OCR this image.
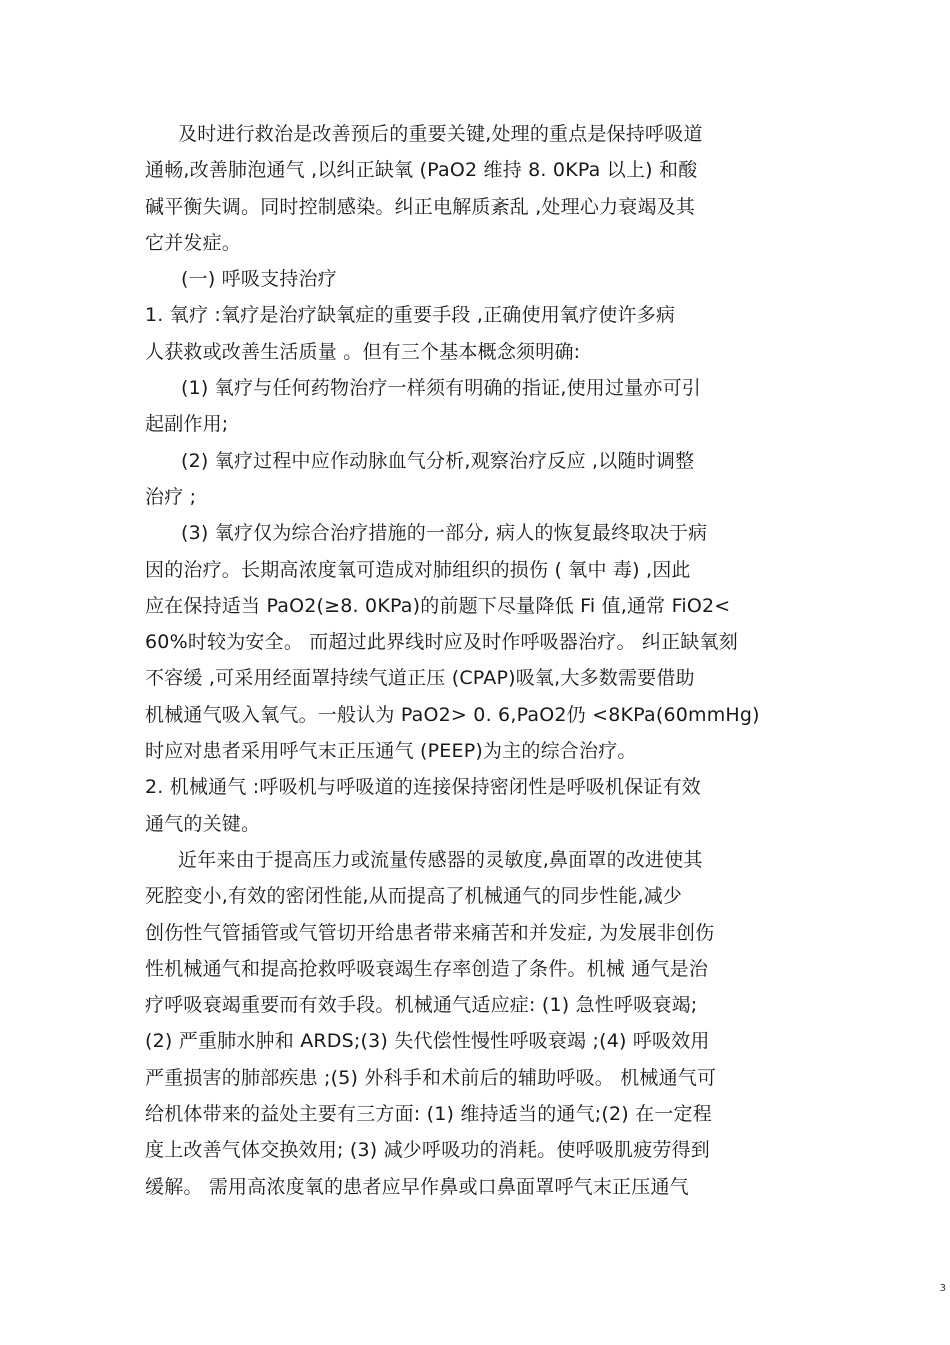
及时进行救治是改善预后的重要关键,处理的重点是保持呼吸道
通畅,改善肺泡通气 ,以纠正缺氧 (PaO2 维持 8. 0KPa 以上) 和酸
碱平衡失调。同时控制感染。纠正电解质紊乱 ,处理心力衰竭及其
它并发症。
(一) 呼吸支持治疗
1. 氧疗 :氧疗是治疗缺氧症的重要手段 ,正确使用氧疗使许多病
人获救或改善生活质量 。但有三个基本概念须明确:
(1) 氧疗与任何药物治疗一样须有明确的指证,使用过量亦可引
起副作用;
(2) 氧疗过程中应作动脉血气分析,观察治疗反应 ,以随时调整
治疗 ;
(3) 氧疗仅为综合治疗措施的一部分, 病人的恢复最终取决于病
因的治疗。长期高浓度氧可造成对肺组织的损伤 ( 氧中 毒) ,因此
应在保持适当 PaO2(≥8. 0KPa)的前题下尽量降低 Fi 值,通常 FiO2<
60%时较为安全。 而超过此界线时应及时作呼吸器治疗。 纠正缺氧刻
不容缓 ,可采用经面罩持续气道正压 (CPAP)吸氧,大多数需要借助
机械通气吸入氧气。一般认为 PaO2> 0. 6,PaO2仍 <8KPa(60mmHg)
时应对患者采用呼气末正压通气 (PEEP)为主的综合治疗。
2. 机械通气 :呼吸机与呼吸道的连接保持密闭性是呼吸机保证有效
通气的关键。
近年来由于提高压力或流量传感器的灵敏度,鼻面罩的改进使其
死腔变小,有效的密闭性能,从而提高了机械通气的同步性能,减少
创伤性气管插管或气管切开给患者带来痛苦和并发症, 为发展非创伤
性机械通气和提高抢救呼吸衰竭生存率创造了条件。机械 通气是治
疗呼吸衰竭重要而有效手段。机械通气适应症: (1) 急性呼吸衰竭;
(2) 严重肺水肿和 ARDS;(3) 失代偿性慢性呼吸衰竭 ;(4) 呼吸效用
严重损害的肺部疾患 ;(5) 外科手和术前后的辅助呼吸。 机械通气可
给机体带来的益处主要有三方面: (1) 维持适当的通气;(2) 在一定程
度上改善气体交换效用; (3) 减少呼吸功的消耗。使呼吸肌疲劳得到
缓解。 需用高浓度氧的患者应早作鼻或口鼻面罩呼气末正压通气
3
